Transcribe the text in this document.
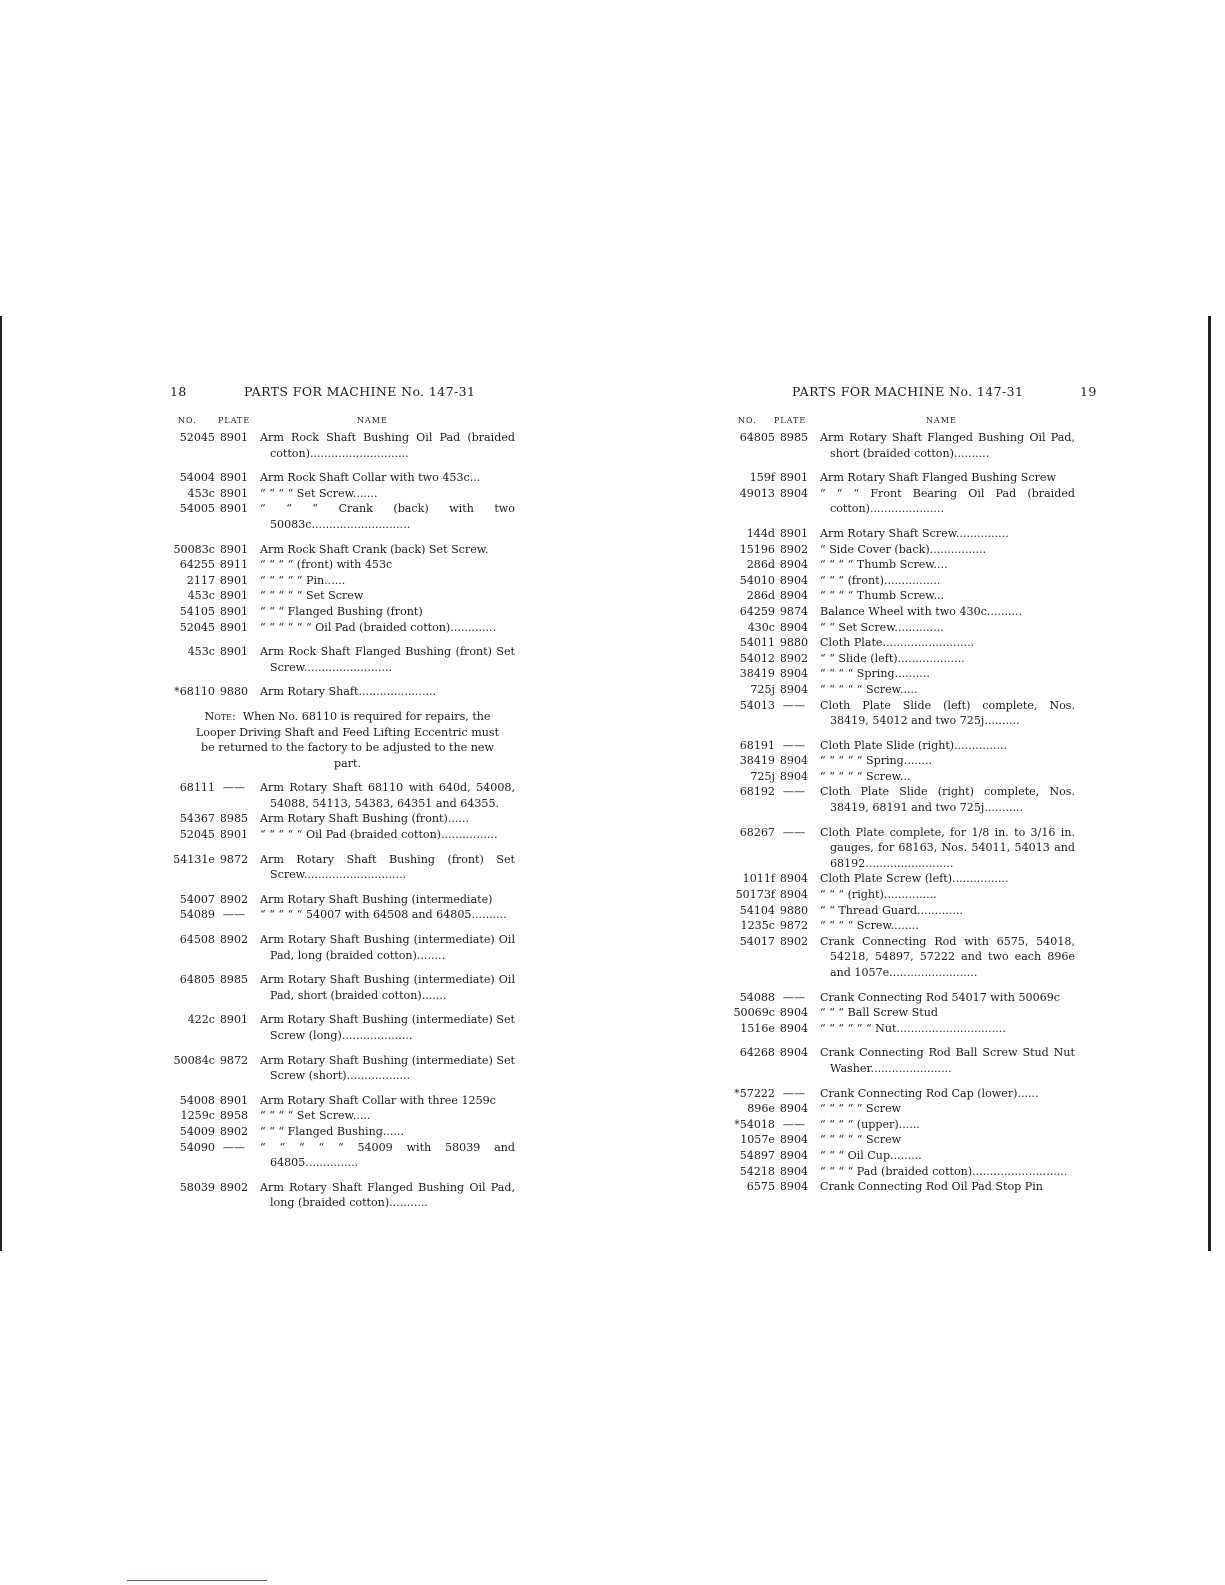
18	PARTS FOR MACHINE No. 147-31
NO.	PLATE	NAME
52045 8901 Arm Rock Shaft Bushing Oil Pad (braided cotton)............................
54004 8901 Arm Rock Shaft Collar with two 453c...
453c 8901 “ “ “ “ Set Screw.......
54005 8901 “ “ “ Crank (back) with two 50083c............................
50083c 8901 Arm Rock Shaft Crank (back) Set Screw.
64255 8911 “ “ “ “ (front) with 453c
2117 8901 “ “ “ “ “ Pin......
453c 8901 “ “ “ “ “ Set Screw
54105 8901 “ “ “ Flanged Bushing (front)
52045 8901 “ “ “ “ “ “ Oil Pad (braided cotton).............
453c 8901 Arm Rock Shaft Flanged Bushing (front) Set Screw.........................
*68110 9880 Arm Rotary Shaft......................
Note: When No. 68110 is required for repairs, the Looper Driving Shaft and Feed Lifting Eccentric must be returned to the factory to be adjusted to the new part.
68111 ——	Arm Rotary Shaft 68110 with 640d, 54008, 54088, 54113, 54383, 64351 and 64355.
54367 8985 Arm Rotary Shaft Bushing (front)......
52045 8901 “ “ “ “ “ Oil Pad (braided cotton)................
54131e 9872 Arm Rotary Shaft Bushing (front) Set Screw.............................
54007 8902 Arm Rotary Shaft Bushing (intermediate)
54089 ——	“ “ “ “ “ 54007 with 64508 and 64805..........
64508 8902 Arm Rotary Shaft Bushing (intermediate) Oil Pad, long (braided cotton)........
64805 8985 Arm Rotary Shaft Bushing (intermediate) Oil Pad, short (braided cotton).......
422c 8901 Arm Rotary Shaft Bushing (intermediate) Set Screw (long)....................
50084c 9872 Arm Rotary Shaft Bushing (intermediate) Set Screw (short)..................
54008 8901 Arm Rotary Shaft Collar with three 1259c
1259c 8958 “ “ “ “ Set Screw.....
54009 8902 “ “ “ Flanged Bushing......
54090 ——	“ “ “ “ “ 54009 with 58039 and 64805...............
58039 8902 Arm Rotary Shaft Flanged Bushing Oil Pad, long (braided cotton)...........
PARTS FOR MACHINE No. 147-31	19
NO. PLATE	NAME
64805 8985 Arm Rotary Shaft Flanged Bushing Oil Pad, short (braided cotton)..........
159f 8901 Arm Rotary Shaft Flanged Bushing Screw
49013 8904 “ “ “ Front Bearing Oil Pad (braided cotton).....................
144d 8901 Arm Rotary Shaft Screw...............
15196 8902 “ Side Cover (back)................
286d 8904 “ “ “ “ Thumb Screw....
54010 8904 “ “ “ (front)................
286d 8904 “ “ “ “ Thumb Screw...
64259 9874 Balance Wheel with two 430c..........
430c 8904 “ “ Set Screw..............
54011 9880 Cloth Plate..........................
54012 8902 “ “ Slide (left)...................
38419 8904 “ “ “ “ Spring..........
725j 8904 “ “ “ “ “ Screw.....
54013 ——	Cloth Plate Slide (left) complete, Nos. 38419, 54012 and two 725j..........
68191 ——	Cloth Plate Slide (right)...............
38419 8904 “ “ “ “ “ Spring........
725j 8904 “ “ “ “ “ Screw...
68192 ——	Cloth Plate Slide (right) complete, Nos. 38419, 68191 and two 725j...........
68267 ——	Cloth Plate complete, for 1/8 in. to 3/16 in. gauges, for 68163, Nos. 54011, 54013 and 68192.........................
1011f 8904 Cloth Plate Screw (left)................
50173f 8904 “ “ “ (right)...............
54104 9880 “ “ Thread Guard.............
1235c 9872 “ “ “ “ Screw........
54017 8902 Crank Connecting Rod with 6575, 54018, 54218, 54897, 57222 and two each 896e and 1057e.........................
54088 ——	Crank Connecting Rod 54017 with 50069c
50069c 8904 “ “ “ Ball Screw Stud
1516e 8904 “ “ “ “ “ “ Nut...............................
64268 8904 Crank Connecting Rod Ball Screw Stud Nut Washer.......................
*57222 ——	Crank Connecting Rod Cap (lower)......
896e 8904 “ “ “ “ “ Screw
*54018 ——	“ “ “ “ (upper)......
1057e 8904 “ “ “ “ “ Screw
54897 8904 “ “ “ Oil Cup.........
54218 8904 “ “ “ “ Pad (braided cotton)...........................
6575 8904 Crank Connecting Rod Oil Pad Stop Pin
